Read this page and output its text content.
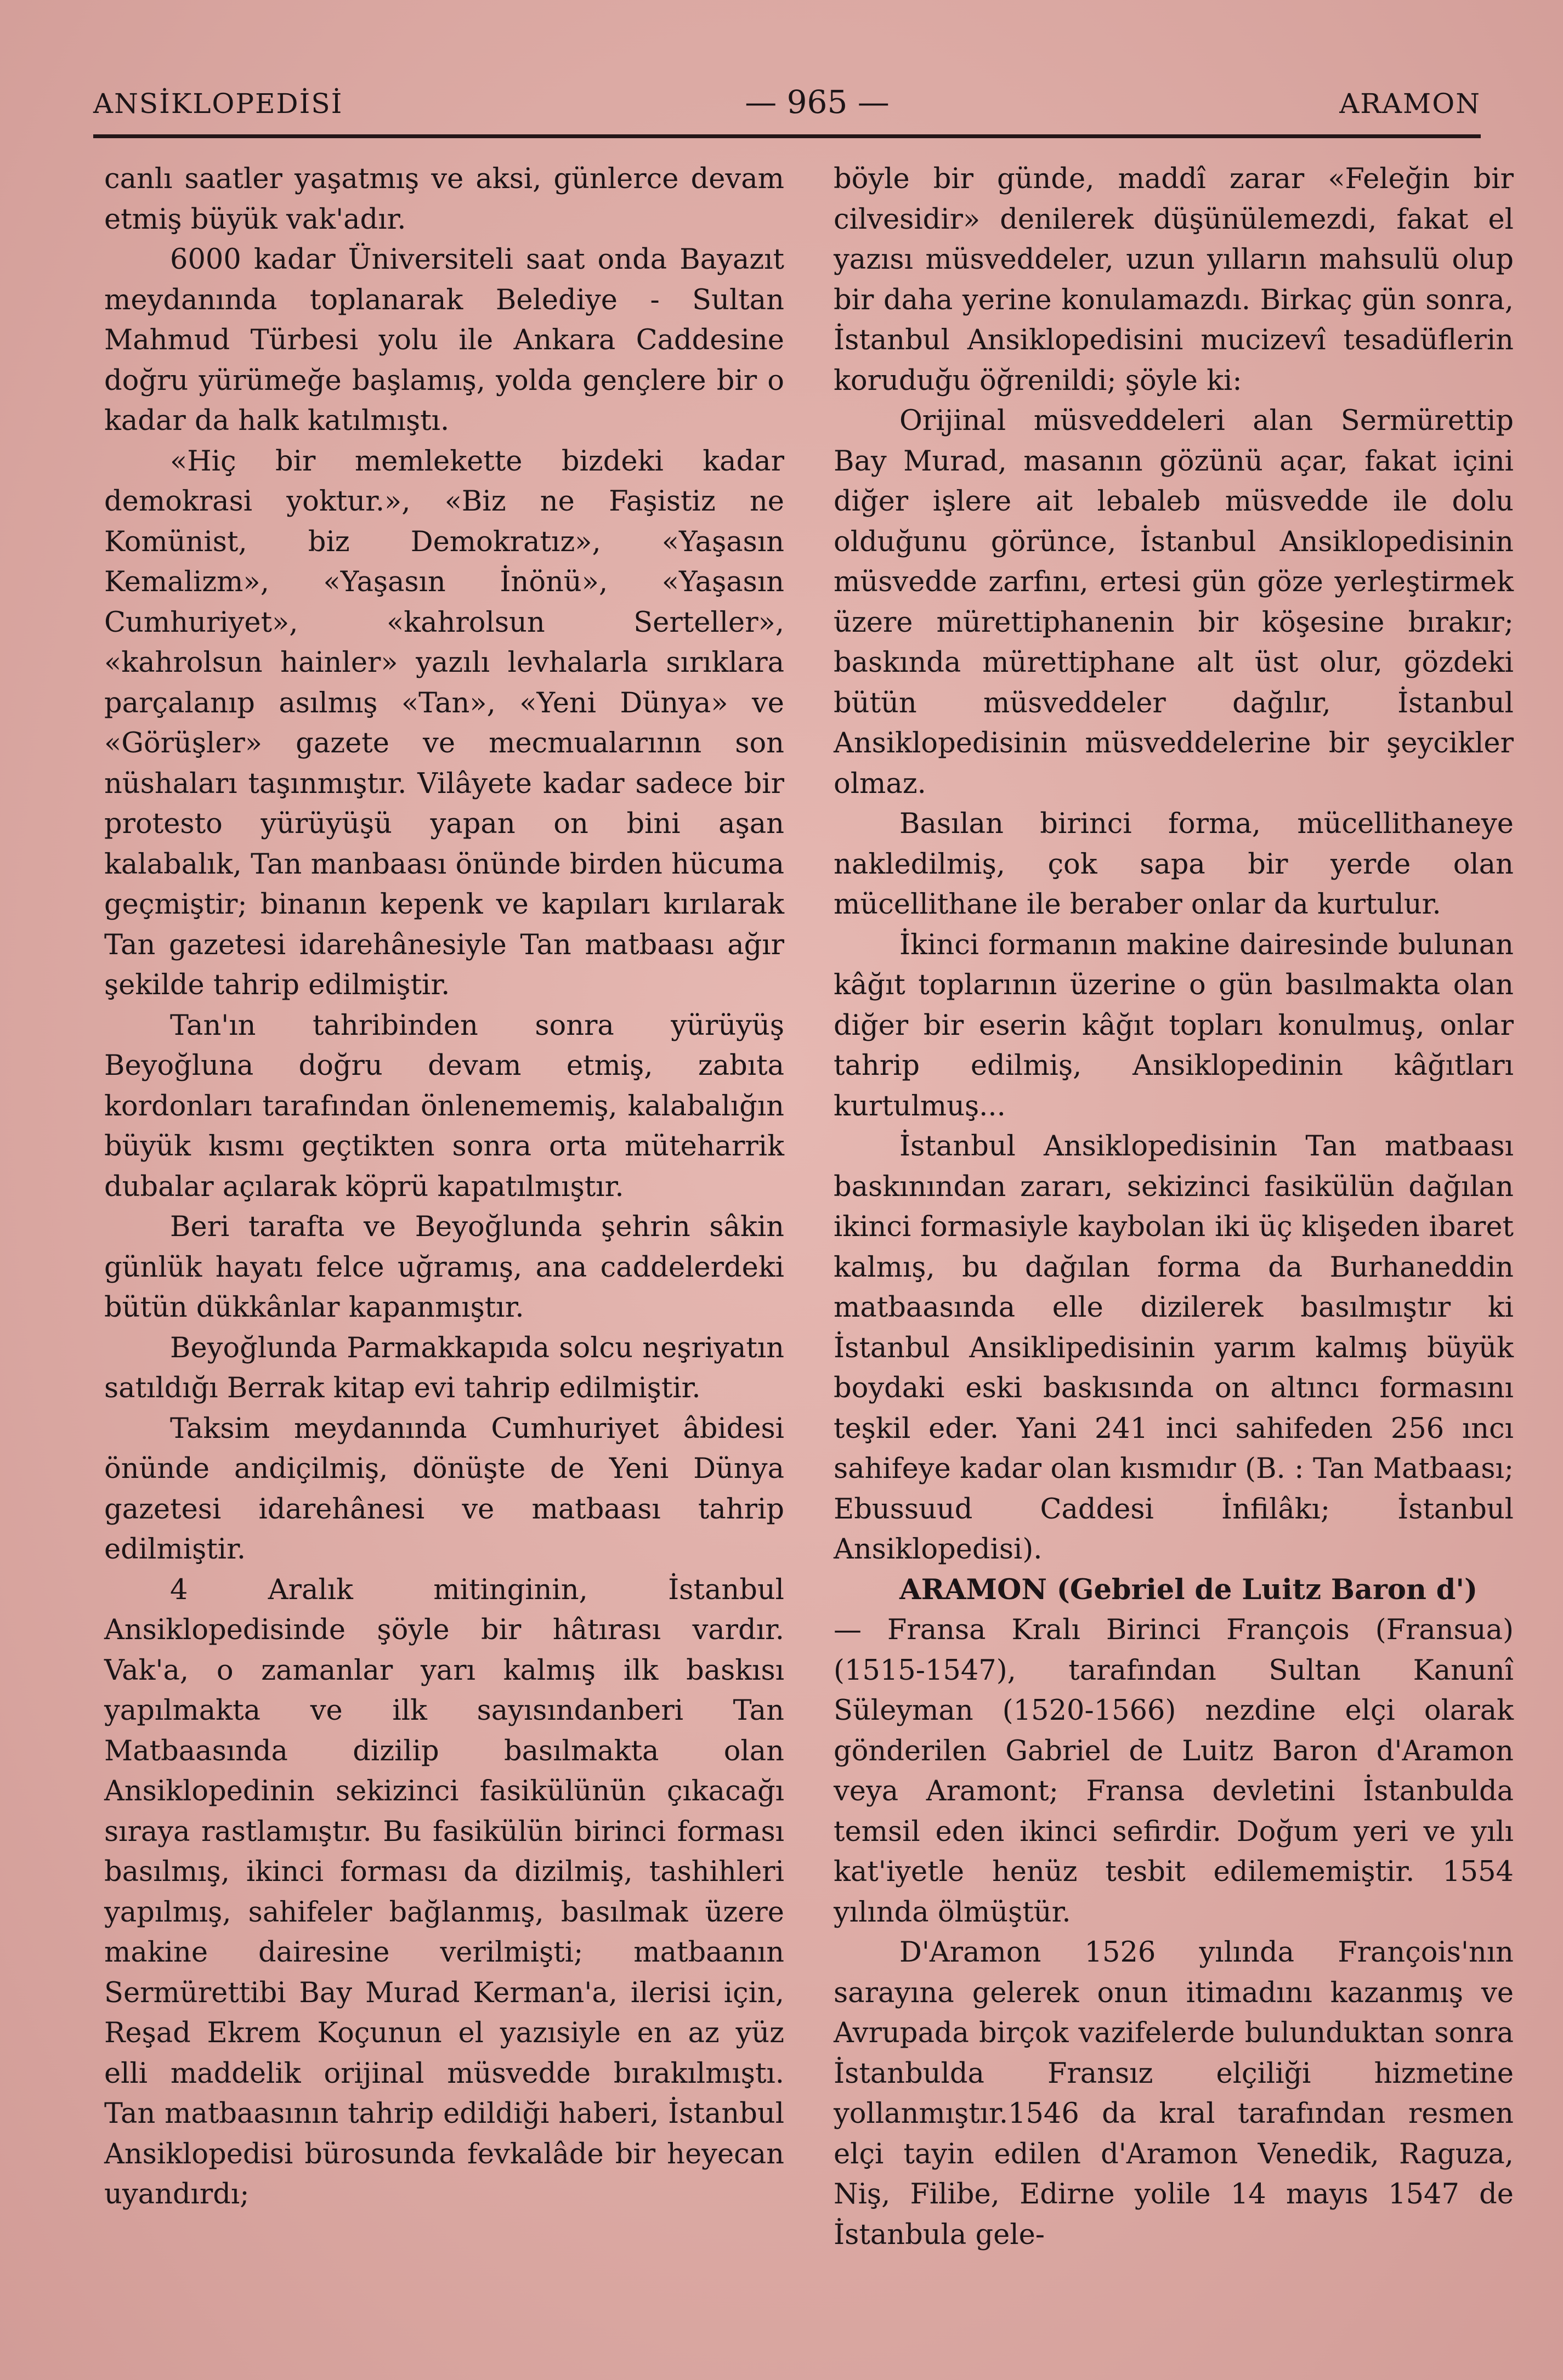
ANSİKLOPEDİSİ	— 965 —	ARAMON

canlı saatler yaşatmış ve aksi, günlerce devam etmiş büyük vak'adır.

6000 kadar Üniversiteli saat onda Bayazıt meydanında toplanarak Belediye - Sultan Mahmud Türbesi yolu ile Ankara Caddesine doğru yürümeğe başlamış, yolda gençlere bir o kadar da halk katılmıştı.

«Hiç bir memlekette bizdeki kadar demokrasi yoktur.», «Biz ne Faşistiz ne Komünist, biz Demokratız», «Yaşasın Kemalizm», «Yaşasın İnönü», «Yaşasın Cumhuriyet», «kahrolsun Serteller», «kahrolsun hainler» yazılı levhalarla sırıklara parçalanıp asılmış «Tan», «Yeni Dünya» ve «Görüşler» gazete ve mecmualarının son nüshaları taşınmıştır. Vilâyete kadar sadece bir protesto yürüyüşü yapan on bini aşan kalabalık, Tan manbaası önünde birden hücuma geçmiştir; binanın kepenk ve kapıları kırılarak Tan gazetesi idarehânesiyle Tan matbaası ağır şekilde tahrip edilmiştir.

Tan'ın tahribinden sonra yürüyüş Beyoğluna doğru devam etmiş, zabıta kordonları tarafından önlenememiş, kalabalığın büyük kısmı geçtikten sonra orta müteharrik dubalar açılarak köprü kapatılmıştır.

Beri tarafta ve Beyoğlunda şehrin sâkin günlük hayatı felce uğramış, ana caddelerdeki bütün dükkânlar kapanmıştır.

Beyoğlunda Parmakkapıda solcu neşriyatın satıldığı Berrak kitap evi tahrip edilmiştir.

Taksim meydanında Cumhuriyet âbidesi önünde andiçilmiş, dönüşte de Yeni Dünya gazetesi idarehânesi ve matbaası tahrip edilmiştir.

4 Aralık mitinginin, İstanbul Ansiklopedisinde şöyle bir hâtırası vardır. Vak'a, o zamanlar yarı kalmış ilk baskısı yapılmakta ve ilk sayısındanberi Tan Matbaasında dizilip basılmakta olan Ansiklopedinin sekizinci fasikülünün çıkacağı sıraya rastlamıştır. Bu fasikülün birinci forması basılmış, ikinci forması da dizilmiş, tashihleri yapılmış, sahifeler bağlanmış, basılmak üzere makine dairesine verilmişti; matbaanın Sermürettibi Bay Murad Kerman'a, ilerisi için, Reşad Ekrem Koçunun el yazısiyle en az yüz elli maddelik orijinal müsvedde bırakılmıştı. Tan matbaasının tahrip edildiği haberi, İstanbul Ansiklopedisi bürosunda fevkalâde bir heyecan uyandırdı;

böyle bir günde, maddî zarar «Feleğin bir cilvesidir» denilerek düşünülemezdi, fakat el yazısı müsveddeler, uzun yılların mahsulü olup bir daha yerine konulamazdı. Birkaç gün sonra, İstanbul Ansiklopedisini mucizevî tesadüflerin koruduğu öğrenildi; şöyle ki:

Orijinal müsveddeleri alan Sermürettip Bay Murad, masanın gözünü açar, fakat içini diğer işlere ait lebaleb müsvedde ile dolu olduğunu görünce, İstanbul Ansiklopedisinin müsvedde zarfını, ertesi gün göze yerleştirmek üzere mürettiphanenin bir köşesine bırakır; baskında mürettiphane alt üst olur, gözdeki bütün müsveddeler dağılır, İstanbul Ansiklopedisinin müsveddelerine bir şeycikler olmaz.

Basılan birinci forma, mücellithaneye nakledilmiş, çok sapa bir yerde olan mücellithane ile beraber onlar da kurtulur.

İkinci formanın makine dairesinde bulunan kâğıt toplarının üzerine o gün basılmakta olan diğer bir eserin kâğıt topları konulmuş, onlar tahrip edilmiş, Ansiklopedinin kâğıtları kurtulmuş...

İstanbul Ansiklopedisinin Tan matbaası baskınından zararı, sekizinci fasikülün dağılan ikinci formasiyle kaybolan iki üç klişeden ibaret kalmış, bu dağılan forma da Burhaneddin matbaasında elle dizilerek basılmıştır ki İstanbul Ansiklipedisinin yarım kalmış büyük boydaki eski baskısında on altıncı formasını teşkil eder. Yani 241 inci sahifeden 256 ıncı sahifeye kadar olan kısmıdır (B. : Tan Matbaası; Ebussuud Caddesi İnfilâkı; İstanbul Ansiklopedisi).

ARAMON (Gebriel de Luitz Baron d')

— Fransa Kralı Birinci François (Fransua) (1515-1547), tarafından Sultan Kanunî Süleyman (1520-1566) nezdine elçi olarak gönderilen Gabriel de Luitz Baron d'Aramon veya Aramont; Fransa devletini İstanbulda temsil eden ikinci sefirdir. Doğum yeri ve yılı kat'iyetle henüz tesbit edilememiştir. 1554 yılında ölmüştür.

D'Aramon 1526 yılında François'nın sarayına gelerek onun itimadını kazanmış ve Avrupada birçok vazifelerde bulunduktan sonra İstanbulda Fransız elçiliği hizmetine yollanmıştır.1546 da kral tarafından resmen elçi tayin edilen d'Aramon Venedik, Raguza, Niş, Filibe, Edirne yolile 14 mayıs 1547 de İstanbula gele-
